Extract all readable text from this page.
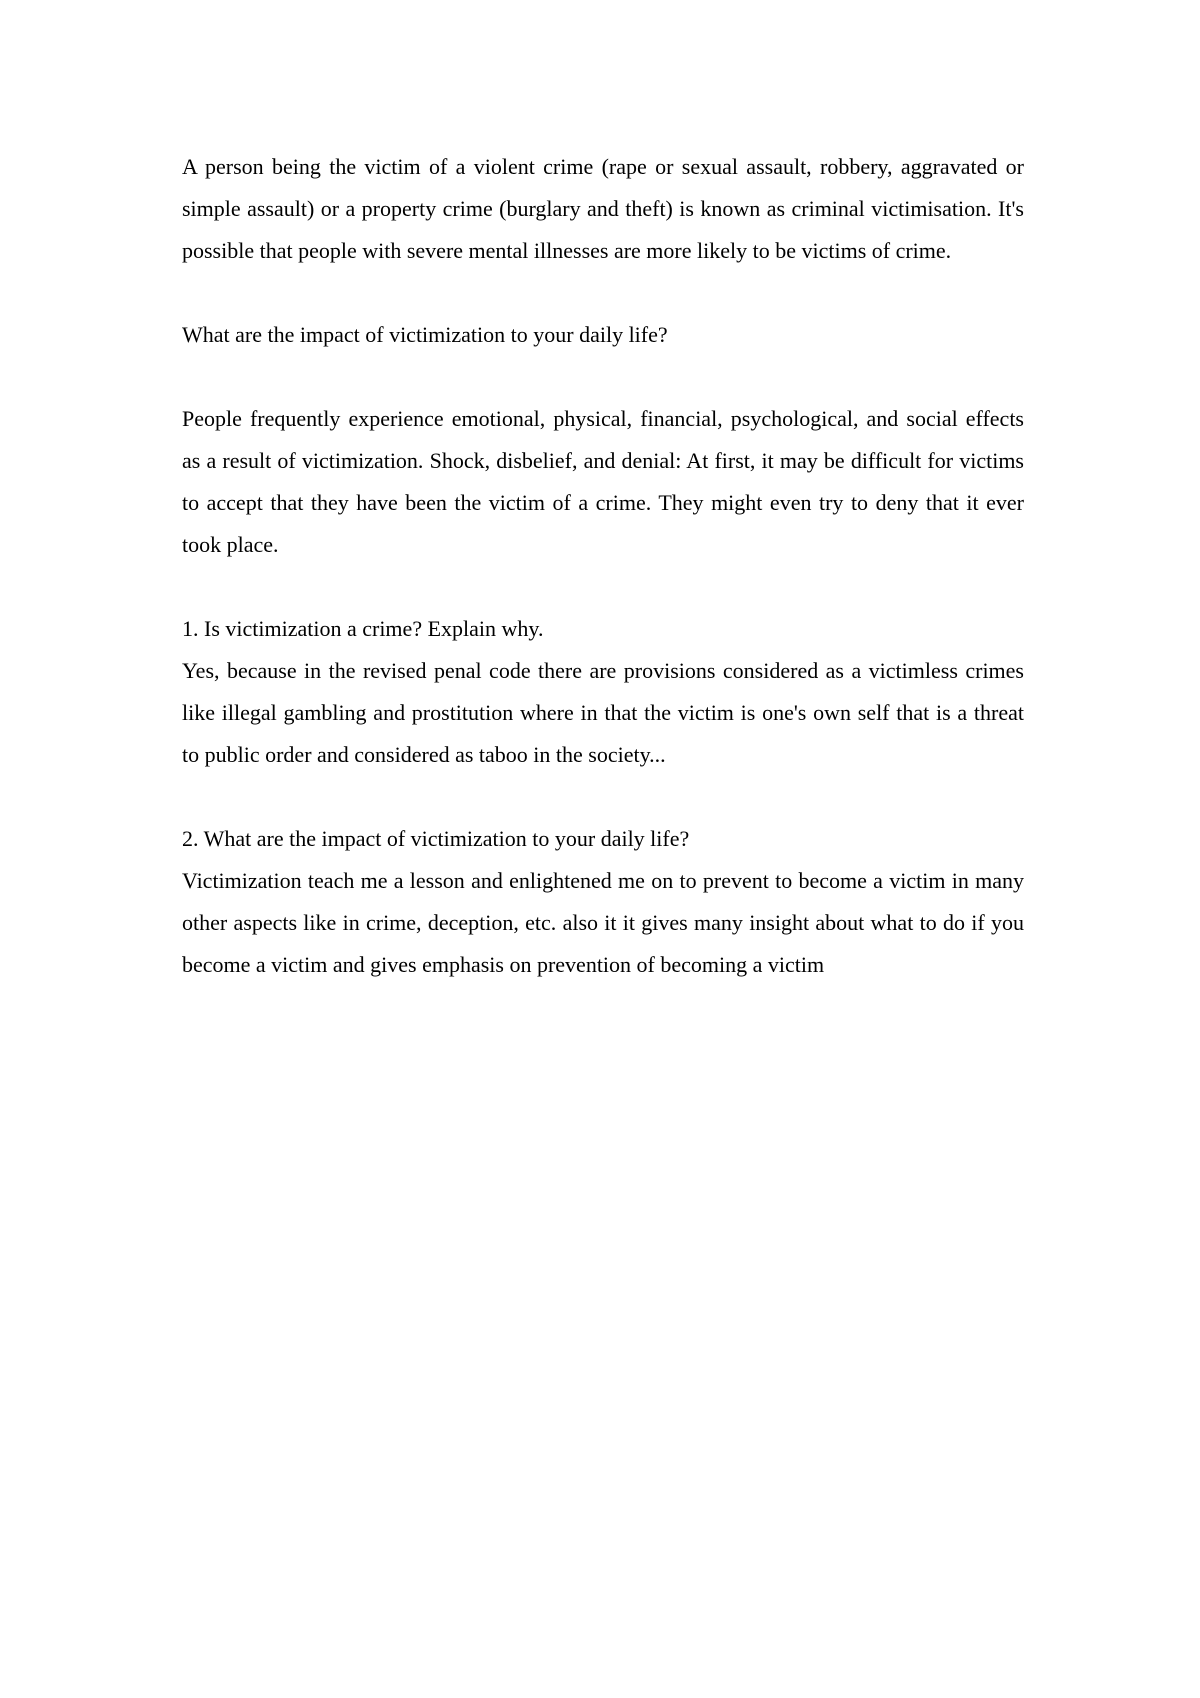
A person being the victim of a violent crime (rape or sexual assault, robbery, aggravated or simple assault) or a property crime (burglary and theft) is known as criminal victimisation. It's possible that people with severe mental illnesses are more likely to be victims of crime.

What are the impact of victimization to your daily life?

People frequently experience emotional, physical, financial, psychological, and social effects as a result of victimization. Shock, disbelief, and denial: At first, it may be difficult for victims to accept that they have been the victim of a crime. They might even try to deny that it ever took place.

1. Is victimization a crime? Explain why.

Yes, because in the revised penal code there are provisions considered as a victimless crimes like illegal gambling and prostitution where in that the victim is one's own self that is a threat to public order and considered as taboo in the society...

2. What are the impact of victimization to your daily life?

Victimization teach me a lesson and enlightened me on to prevent to become a victim in many other aspects like in crime, deception, etc. also it it gives many insight about what to do if you become a victim and gives emphasis on prevention of becoming a victim
